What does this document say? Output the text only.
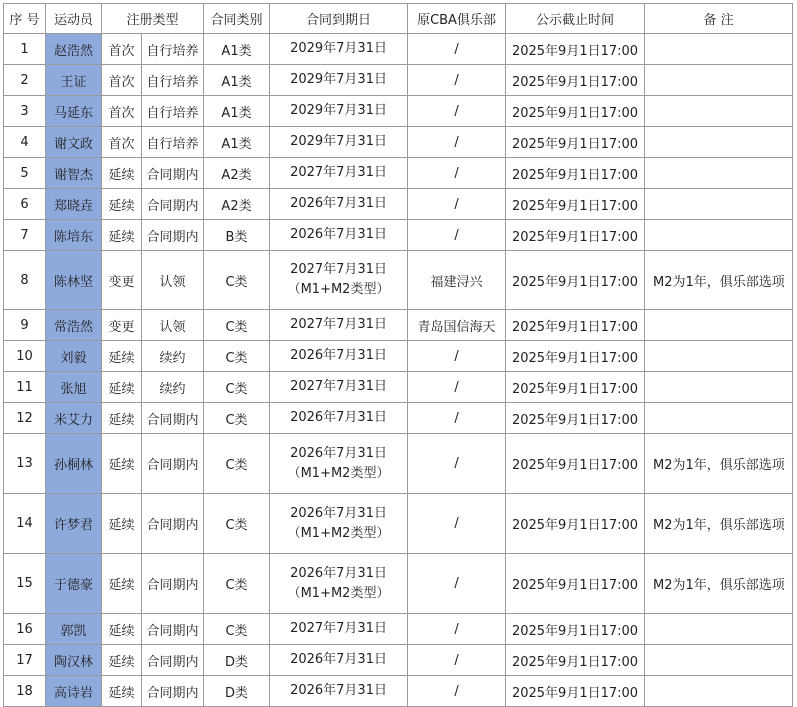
序 号	运动员	注册类型		合同类别	合同到期日	原CBA俱乐部	公示截止时间	备 注
1	赵浩然	首次	自行培养	A1类	2029年7月31日	/	2025年9月1日17:00	
2	王证	首次	自行培养	A1类	2029年7月31日	/	2025年9月1日17:00	
3	马延东	首次	自行培养	A1类	2029年7月31日	/	2025年9月1日17:00	
4	谢文政	首次	自行培养	A1类	2029年7月31日	/	2025年9月1日17:00	
5	谢智杰	延续	合同期内	A2类	2027年7月31日	/	2025年9月1日17:00	
6	郑晓垚	延续	合同期内	A2类	2026年7月31日	/	2025年9月1日17:00	
7	陈培东	延续	合同期内	B类	2026年7月31日	/	2025年9月1日17:00	
8	陈林坚	变更	认领	C类	2027年7月31日
（M1+M2类型）	福建浔兴	2025年9月1日17:00	M2为1年，俱乐部选项
9	常浩然	变更	认领	C类	2027年7月31日	青岛国信海天	2025年9月1日17:00	
10	刘毅	延续	续约	C类	2026年7月31日	/	2025年9月1日17:00	
11	张旭	延续	续约	C类	2027年7月31日	/	2025年9月1日17:00	
12	米艾力	延续	合同期内	C类	2026年7月31日	/	2025年9月1日17:00	
13	孙桐林	延续	合同期内	C类	2026年7月31日
（M1+M2类型）	/	2025年9月1日17:00	M2为1年，俱乐部选项
14	许梦君	延续	合同期内	C类	2026年7月31日
（M1+M2类型）	/	2025年9月1日17:00	M2为1年，俱乐部选项
15	于德豪	延续	合同期内	C类	2026年7月31日
（M1+M2类型）	/	2025年9月1日17:00	M2为1年，俱乐部选项
16	郭凯	延续	合同期内	C类	2027年7月31日	/	2025年9月1日17:00	
17	陶汉林	延续	合同期内	D类	2026年7月31日	/	2025年9月1日17:00	
18	高诗岩	延续	合同期内	D类	2026年7月31日	/	2025年9月1日17:00	
